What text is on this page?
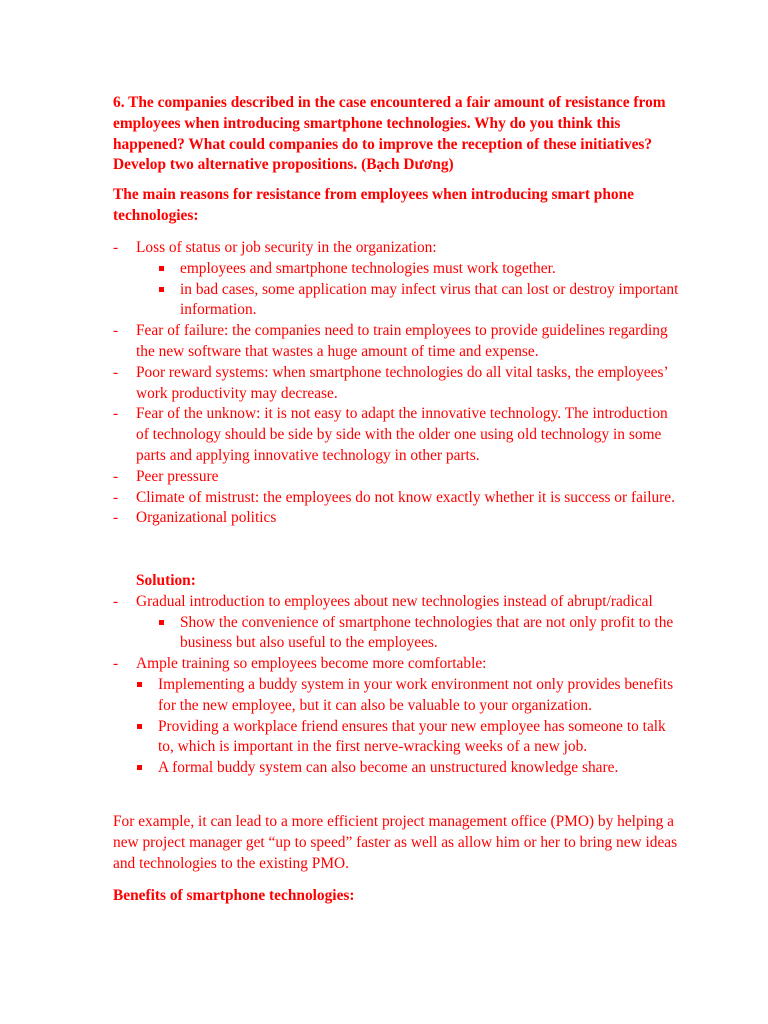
6. The companies described in the case encountered a fair amount of resistance from employees when introducing smartphone technologies. Why do you think this happened? What could companies do to improve the reception of these initiatives? Develop two alternative propositions. (Bạch Dương)

The main reasons for resistance from employees when introducing smart phone technologies:

- Loss of status or job security in the organization:
employees and smartphone technologies must work together.
in bad cases, some application may infect virus that can lost or destroy important information.
- Fear of failure: the companies need to train employees to provide guidelines regarding the new software that wastes a huge amount of time and expense.
- Poor reward systems: when smartphone technologies do all vital tasks, the employees’ work productivity may decrease.
- Fear of the unknow: it is not easy to adapt the innovative technology. The introduction of technology should be side by side with the older one using old technology in some parts and applying innovative technology in other parts.
- Peer pressure
- Climate of mistrust: the employees do not know exactly whether it is success or failure.
- Organizational politics
Solution:
- Gradual introduction to employees about new technologies instead of abrupt/radical
Show the convenience of smartphone technologies that are not only profit to the business but also useful to the employees.
- Ample training so employees become more comfortable:
Implementing a buddy system in your work environment not only provides benefits for the new employee, but it can also be valuable to your organization.
Providing a workplace friend ensures that your new employee has someone to talk to, which is important in the first nerve-wracking weeks of a new job.
A formal buddy system can also become an unstructured knowledge share.

For example, it can lead to a more efficient project management office (PMO) by helping a new project manager get “up to speed” faster as well as allow him or her to bring new ideas and technologies to the existing PMO.

Benefits of smartphone technologies:
